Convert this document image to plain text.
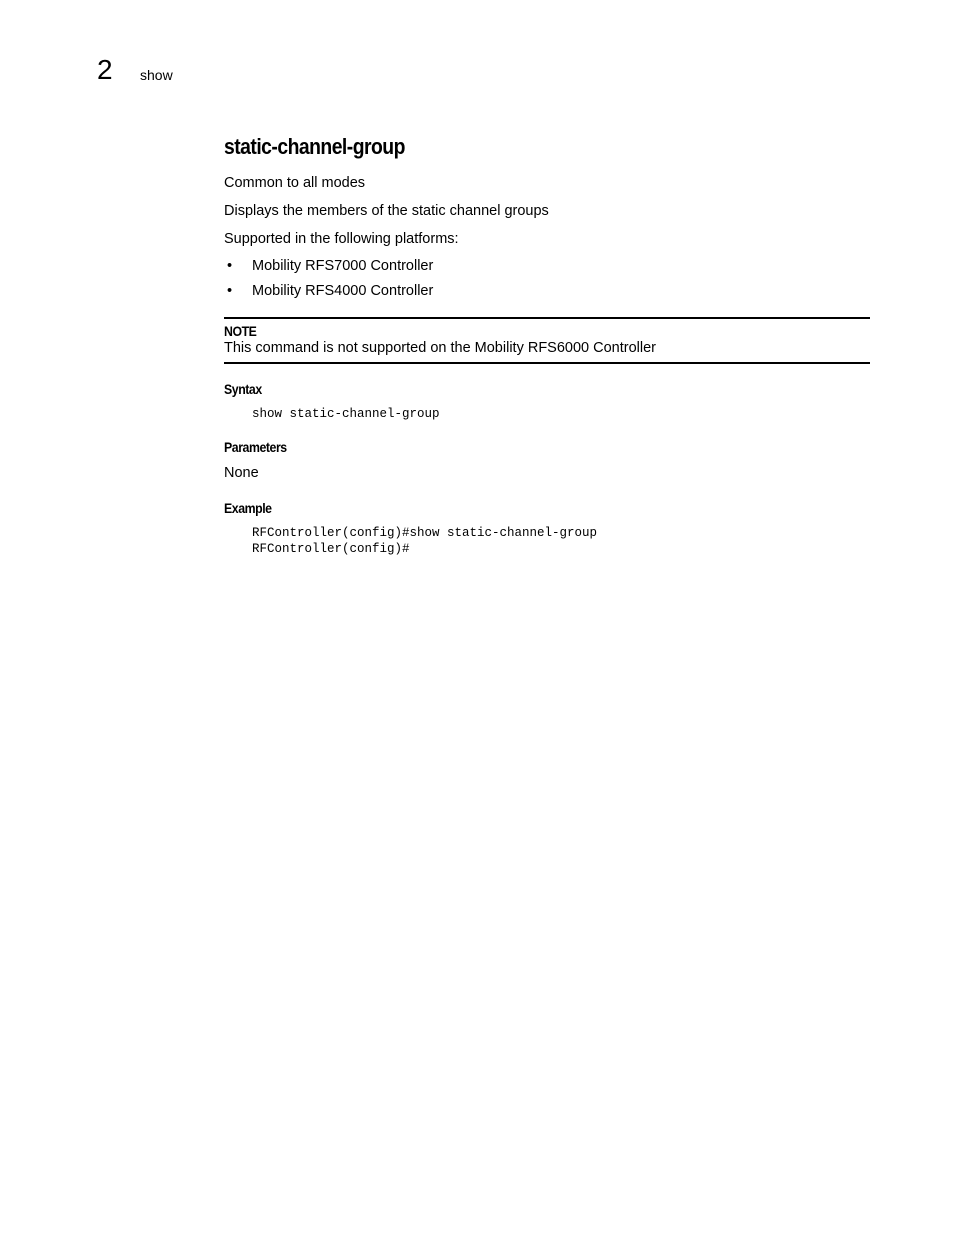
2 show
static-channel-group
Common to all modes
Displays the members of the static channel groups
Supported in the following platforms:
• Mobility RFS7000 Controller
• Mobility RFS4000 Controller
NOTE
This command is not supported on the Mobility RFS6000 Controller
Syntax
show static-channel-group
Parameters
None
Example
RFController(config)#show static-channel-group
RFController(config)#
